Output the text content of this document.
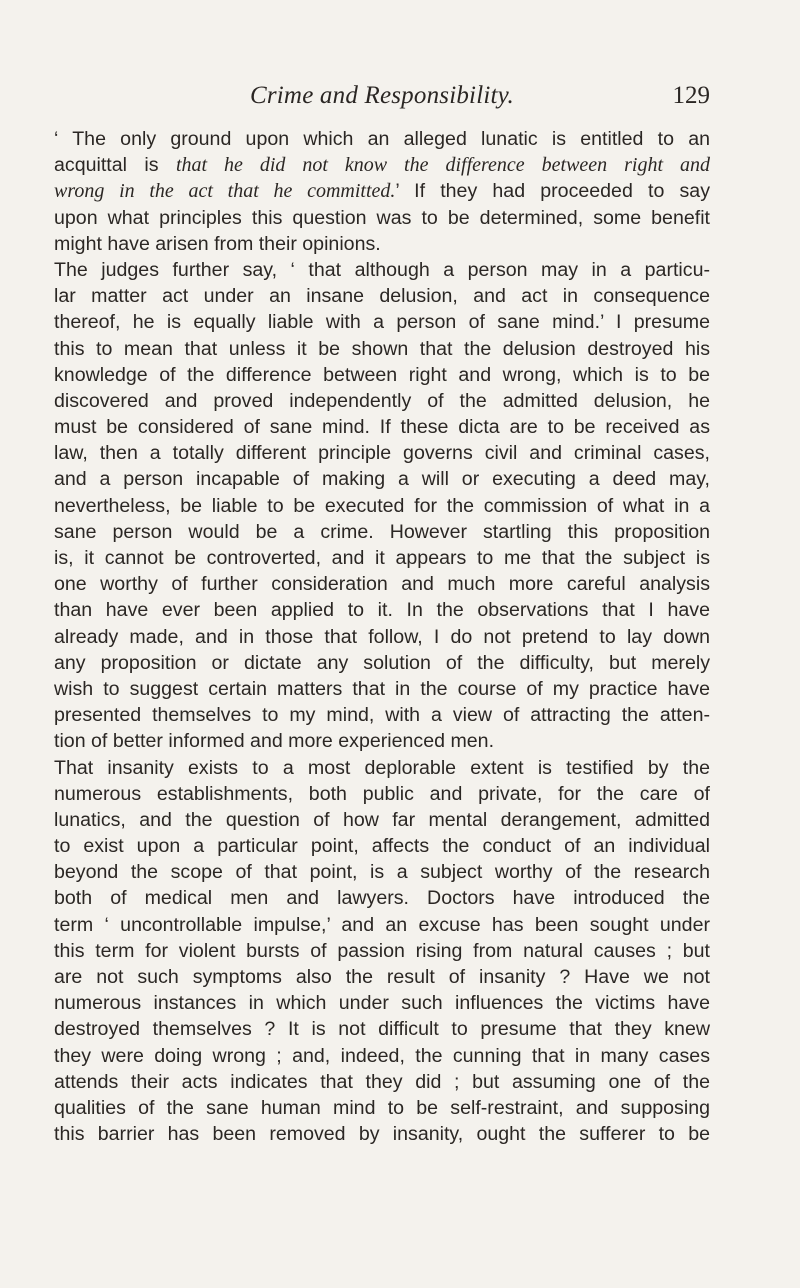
Crime and Responsibility.	129
‘ The only ground upon which an alleged lunatic is entitled to an
acquittal is that he did not know the difference between right and
wrong in the act that he committed.’ If they had proceeded to say
upon what principles this question was to be determined, some benefit
might have arisen from their opinions.
The judges further say, ‘ that although a person may in a particu-
lar matter act under an insane delusion, and act in consequence
thereof, he is equally liable with a person of sane mind.’ I presume
this to mean that unless it be shown that the delusion destroyed his
knowledge of the difference between right and wrong, which is to be
discovered and proved independently of the admitted delusion, he
must be considered of sane mind. If these dicta are to be received as
law, then a totally different principle governs civil and criminal cases,
and a person incapable of making a will or executing a deed may,
nevertheless, be liable to be executed for the commission of what in a
sane person would be a crime. However startling this proposition
is, it cannot be controverted, and it appears to me that the subject is
one worthy of further consideration and much more careful analysis
than have ever been applied to it. In the observations that I have
already made, and in those that follow, I do not pretend to lay down
any proposition or dictate any solution of the difficulty, but merely
wish to suggest certain matters that in the course of my practice have
presented themselves to my mind, with a view of attracting the atten-
tion of better informed and more experienced men.
That insanity exists to a most deplorable extent is testified by the
numerous establishments, both public and private, for the care of
lunatics, and the question of how far mental derangement, admitted
to exist upon a particular point, affects the conduct of an individual
beyond the scope of that point, is a subject worthy of the research
both of medical men and lawyers. Doctors have introduced the
term ‘ uncontrollable impulse,’ and an excuse has been sought under
this term for violent bursts of passion rising from natural causes ; but
are not such symptoms also the result of insanity ? Have we not
numerous instances in which under such influences the victims have
destroyed themselves ? It is not difficult to presume that they knew
they were doing wrong ; and, indeed, the cunning that in many cases
attends their acts indicates that they did ; but assuming one of the
qualities of the sane human mind to be self-restraint, and supposing
this barrier has been removed by insanity, ought the sufferer to be
